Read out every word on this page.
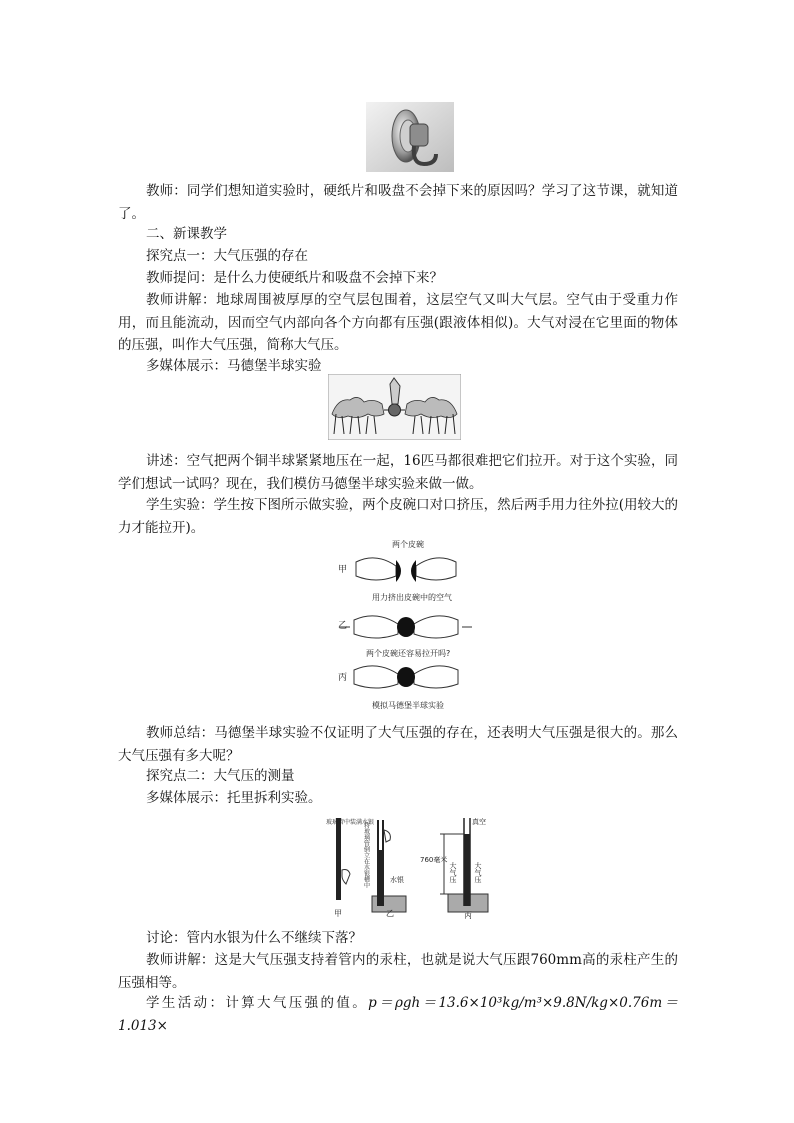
教师：同学们想知道实验时，硬纸片和吸盘不会掉下来的原因吗？学习了这节课，就知道了。

二、新课教学

探究点一：大气压强的存在

教师提问：是什么力使硬纸片和吸盘不会掉下来？

教师讲解：地球周围被厚厚的空气层包围着，这层空气又叫大气层。空气由于受重力作用，而且能流动，因而空气内部向各个方向都有压强(跟液体相似)。大气对浸在它里面的物体的压强，叫作大气压强，简称大气压。

多媒体展示：马德堡半球实验

讲述：空气把两个铜半球紧紧地压在一起，16匹马都很难把它们拉开。对于这个实验，同学们想试一试吗？现在，我们模仿马德堡半球实验来做一做。

学生实验：学生按下图所示做实验，两个皮碗口对口挤压，然后两手用力往外拉(用较大的力才能拉开)。

两个皮碗
甲
用力挤出皮碗中的空气
乙
两个皮碗还容易拉开吗?
丙
模拟马德堡半球实验

教师总结：马德堡半球实验不仅证明了大气压强的存在，还表明大气压强是很大的。那么大气压强有多大呢？

探究点二：大气压的测量

多媒体展示：托里拆利实验。

玻璃管中装满水银
甲
将玻璃管倒立在水银槽中	水银
乙
760毫米
真空
大气压 大气压
丙

讨论：管内水银为什么不继续下落？

教师讲解：这是大气压强支持着管内的汞柱，也就是说大气压跟760mm高的汞柱产生的压强相等。

学生活动：计算大气压强的值。p＝ρgh＝13.6×10³kg/m³×9.8N/kg×0.76m＝1.013×
